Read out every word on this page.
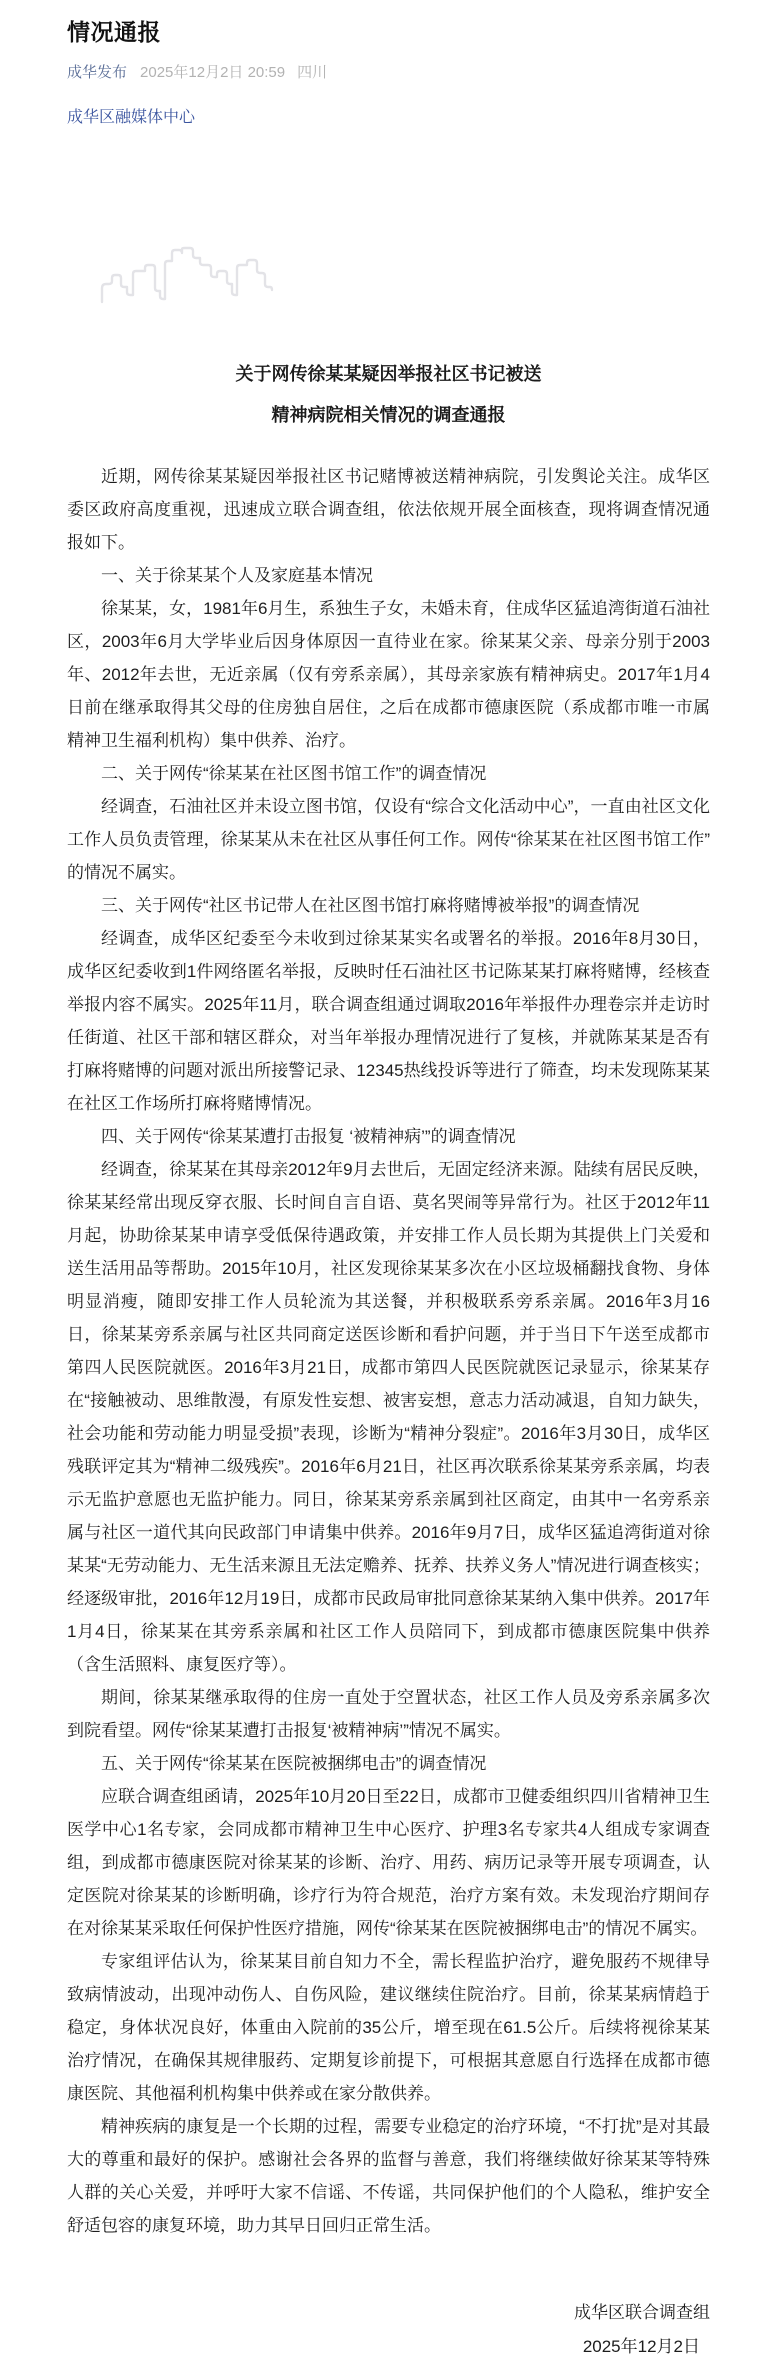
情况通报
成华发布 2025年12月2日 20:59 四川
成华区融媒体中心
关于网传徐某某疑因举报社区书记被送
精神病院相关情况的调查通报
近期，网传徐某某疑因举报社区书记赌博被送精神病院，引发舆论关注。成华区委区政府高度重视，迅速成立联合调查组，依法依规开展全面核查，现将调查情况通报如下。
一、关于徐某某个人及家庭基本情况
徐某某，女，1981年6月生，系独生子女，未婚未育，住成华区猛追湾街道石油社区，2003年6月大学毕业后因身体原因一直待业在家。徐某某父亲、母亲分别于2003年、2012年去世，无近亲属（仅有旁系亲属），其母亲家族有精神病史。2017年1月4日前在继承取得其父母的住房独自居住，之后在成都市德康医院（系成都市唯一市属精神卫生福利机构）集中供养、治疗。
二、关于网传“徐某某在社区图书馆工作”的调查情况
经调查，石油社区并未设立图书馆，仅设有“综合文化活动中心”，一直由社区文化工作人员负责管理，徐某某从未在社区从事任何工作。网传“徐某某在社区图书馆工作”的情况不属实。
三、关于网传“社区书记带人在社区图书馆打麻将赌博被举报”的调查情况
经调查，成华区纪委至今未收到过徐某某实名或署名的举报。2016年8月30日，成华区纪委收到1件网络匿名举报，反映时任石油社区书记陈某某打麻将赌博，经核查举报内容不属实。2025年11月，联合调查组通过调取2016年举报件办理卷宗并走访时任街道、社区干部和辖区群众，对当年举报办理情况进行了复核，并就陈某某是否有打麻将赌博的问题对派出所接警记录、12345热线投诉等进行了筛查，均未发现陈某某在社区工作场所打麻将赌博情况。
四、关于网传“徐某某遭打击报复 ‘被精神病’”的调查情况
经调查，徐某某在其母亲2012年9月去世后，无固定经济来源。陆续有居民反映，徐某某经常出现反穿衣服、长时间自言自语、莫名哭闹等异常行为。社区于2012年11月起，协助徐某某申请享受低保待遇政策，并安排工作人员长期为其提供上门关爱和送生活用品等帮助。2015年10月，社区发现徐某某多次在小区垃圾桶翻找食物、身体明显消瘦，随即安排工作人员轮流为其送餐，并积极联系旁系亲属。2016年3月16日，徐某某旁系亲属与社区共同商定送医诊断和看护问题，并于当日下午送至成都市第四人民医院就医。2016年3月21日，成都市第四人民医院就医记录显示，徐某某存在“接触被动、思维散漫，有原发性妄想、被害妄想，意志力活动减退，自知力缺失，社会功能和劳动能力明显受损”表现，诊断为“精神分裂症”。2016年3月30日，成华区残联评定其为“精神二级残疾”。2016年6月21日，社区再次联系徐某某旁系亲属，均表示无监护意愿也无监护能力。同日，徐某某旁系亲属到社区商定，由其中一名旁系亲属与社区一道代其向民政部门申请集中供养。2016年9月7日，成华区猛追湾街道对徐某某“无劳动能力、无生活来源且无法定赡养、抚养、扶养义务人”情况进行调查核实；经逐级审批，2016年12月19日，成都市民政局审批同意徐某某纳入集中供养。2017年1月4日，徐某某在其旁系亲属和社区工作人员陪同下，到成都市德康医院集中供养（含生活照料、康复医疗等）。
期间，徐某某继承取得的住房一直处于空置状态，社区工作人员及旁系亲属多次到院看望。网传“徐某某遭打击报复‘被精神病’”情况不属实。
五、关于网传“徐某某在医院被捆绑电击”的调查情况
应联合调查组函请，2025年10月20日至22日，成都市卫健委组织四川省精神卫生医学中心1名专家，会同成都市精神卫生中心医疗、护理3名专家共4人组成专家调查组，到成都市德康医院对徐某某的诊断、治疗、用药、病历记录等开展专项调查，认定医院对徐某某的诊断明确，诊疗行为符合规范，治疗方案有效。未发现治疗期间存在对徐某某采取任何保护性医疗措施，网传“徐某某在医院被捆绑电击”的情况不属实。
专家组评估认为，徐某某目前自知力不全，需长程监护治疗，避免服药不规律导致病情波动，出现冲动伤人、自伤风险，建议继续住院治疗。目前，徐某某病情趋于稳定，身体状况良好，体重由入院前的35公斤，增至现在61.5公斤。后续将视徐某某治疗情况，在确保其规律服药、定期复诊前提下，可根据其意愿自行选择在成都市德康医院、其他福利机构集中供养或在家分散供养。
精神疾病的康复是一个长期的过程，需要专业稳定的治疗环境，“不打扰”是对其最大的尊重和最好的保护。感谢社会各界的监督与善意，我们将继续做好徐某某等特殊人群的关心关爱，并呼吁大家不信谣、不传谣，共同保护他们的个人隐私，维护安全舒适包容的康复环境，助力其早日回归正常生活。
成华区联合调查组
2025年12月2日
